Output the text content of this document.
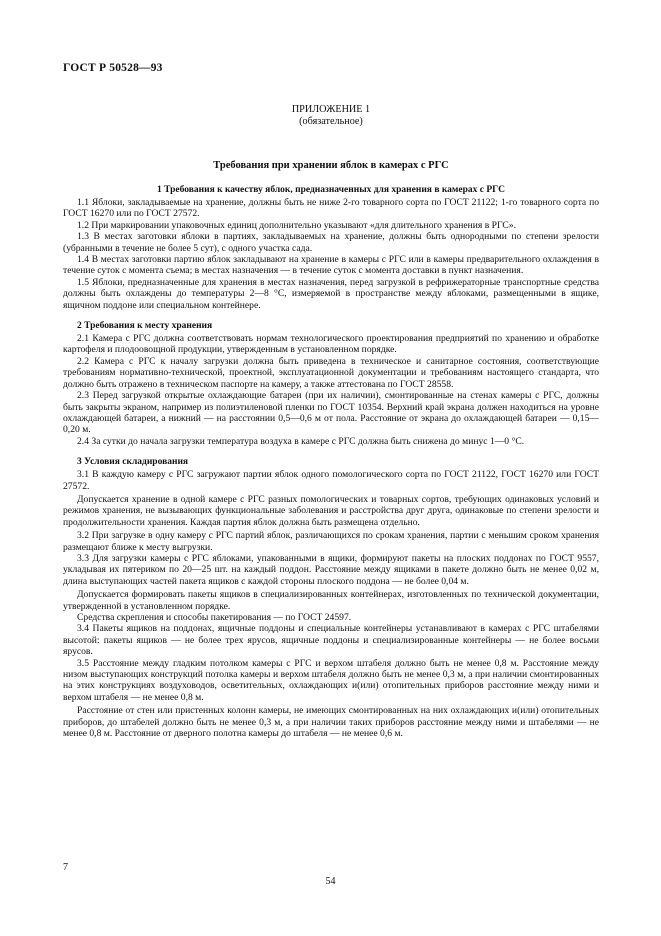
ГОСТ Р 50528—93
ПРИЛОЖЕНИЕ 1
(обязательное)
Требования при хранении яблок в камерах с РГС
1 Требования к качеству яблок, предназначенных для хранения в камерах с РГС

1.1 Яблоки, закладываемые на хранение, должны быть не ниже 2-го товарного сорта по ГОСТ 21122; 1-го товарного сорта по ГОСТ 16270 или по ГОСТ 27572.

1.2 При маркировании упаковочных единиц дополнительно указывают «для длительного хранения в РГС».

1.3 В местах заготовки яблоки в партиях, закладываемых на хранение, должны быть однородными по степени зрелости (убранными в течение не более 5 сут), с одного участка сада.

1.4 В местах заготовки партию яблок закладывают на хранение в камеры с РГС или в камеры предварительного охлаждения в течение суток с момента съема; в местах назначения — в течение суток с момента доставки в пункт назначения.

1.5 Яблоки, предназначенные для хранения в местах назначения, перед загрузкой в рефрижераторные транспортные средства должны быть охлаждены до температуры 2—8 °С, измеряемой в пространстве между яблоками, размещенными в ящике, ящичном поддоне или специальном контейнере.

2 Требования к месту хранения

2.1 Камера с РГС должна соответствовать нормам технологического проектирования предприятий по хранению и обработке картофеля и плодоовощной продукции, утвержденным в установленном порядке.

2.2 Камера с РГС к началу загрузки должна быть приведена в техническое и санитарное состояния, соответствующие требованиям нормативно-технической, проектной, эксплуатационной документации и требованиям настоящего стандарта, что должно быть отражено в техническом паспорте на камеру, а также аттестована по ГОСТ 28558.

2.3 Перед загрузкой открытые охлаждающие батареи (при их наличии), смонтированные на стенах камеры с РГС, должны быть закрыты экраном, например из полиэтиленовой пленки по ГОСТ 10354. Верхний край экрана должен находиться на уровне охлаждающей батареи, а нижний — на расстоянии 0,5—0,6 м от пола. Расстояние от экрана до охлаждающей батареи — 0,15—0,20 м.

2.4 За сутки до начала загрузки температура воздуха в камере с РГС должна быть снижена до минус 1—0 °С.

3 Условия складирования

3.1 В каждую камеру с РГС загружают партии яблок одного помологического сорта по ГОСТ 21122, ГОСТ 16270 или ГОСТ 27572.

Допускается хранение в одной камере с РГС разных помологических и товарных сортов, требующих одинаковых условий и режимов хранения, не вызывающих функциональные заболевания и расстройства друг друга, одинаковые по степени зрелости и продолжительности хранения. Каждая партия яблок должна быть размещена отдельно.

3.2 При загрузке в одну камеру с РГС партий яблок, различающихся по срокам хранения, партии с меньшим сроком хранения размещают ближе к месту выгрузки.

3.3 Для загрузки камеры с РГС яблоками, упакованными в ящики, формируют пакеты на плоских поддонах по ГОСТ 9557, укладывая их пятериком по 20—25 шт. на каждый поддон. Расстояние между ящиками в пакете должно быть не менее 0,02 м, длина выступающих частей пакета ящиков с каждой стороны плоского поддона — не более 0,04 м.

Допускается формировать пакеты ящиков в специализированных контейнерах, изготовленных по технической документации, утвержденной в установленном порядке.

Средства скрепления и способы пакетирования — по ГОСТ 24597.

3.4 Пакеты ящиков на поддонах, ящичные поддоны и специальные контейнеры устанавливают в камерах с РГС штабелями высотой: пакеты ящиков — не более трех ярусов, ящичные поддоны и специализированные контейнеры — не более восьми ярусов.

3.5 Расстояние между гладким потолком камеры с РГС и верхом штабеля должно быть не менее 0,8 м. Расстояние между низом выступающих конструкций потолка камеры и верхом штабеля должно быть не менее 0,3 м, а при наличии смонтированных на этих конструкциях воздуховодов, осветительных, охлаждающих и(или) отопительных приборов расстояние между ними и верхом штабеля — не менее 0,8 м.

Расстояние от стен или пристенных колонн камеры, не имеющих смонтированных на них охлаждающих и(или) отопительных приборов, до штабелей должно быть не менее 0,3 м, а при наличии таких приборов расстояние между ними и штабелями — не менее 0,8 м. Расстояние от дверного полотна камеры до штабеля — не менее 0,6 м.

7
54
